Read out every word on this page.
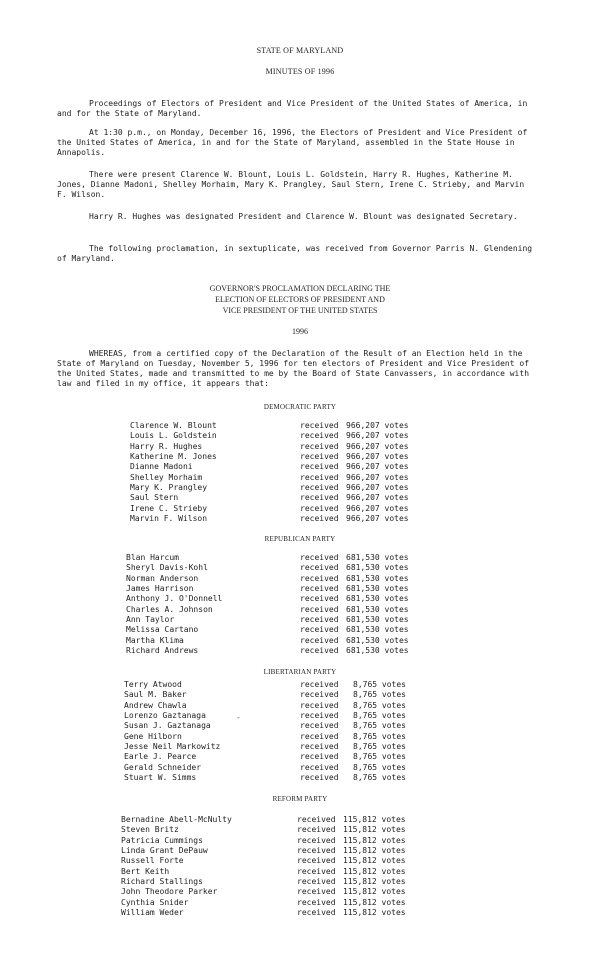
STATE OF MARYLAND
MINUTES OF 1996
Proceedings of Electors of President and Vice President of the United States of America, in and for the State of Maryland.
At 1:30 p.m., on Monday, December 16, 1996, the Electors of President and Vice President of the United States of America, in and for the State of Maryland, assembled in the State House in Annapolis.
There were present Clarence W. Blount, Louis L. Goldstein, Harry R. Hughes, Katherine M. Jones, Dianne Madoni, Shelley Morhaim, Mary K. Prangley, Saul Stern, Irene C. Strieby, and Marvin F. Wilson.
Harry R. Hughes was designated President and Clarence W. Blount was designated Secretary.
The following proclamation, in sextuplicate, was received from Governor Parris N. Glendening of Maryland.
GOVERNOR'S PROCLAMATION DECLARING THE
ELECTION OF ELECTORS OF PRESIDENT AND
VICE PRESIDENT OF THE UNITED STATES
1996
WHEREAS, from a certified copy of the Declaration of the Result of an Election held in the State of Maryland on Tuesday, November 5, 1996 for ten electors of President and Vice President of the United States, made and transmitted to me by the Board of State Canvassers, in accordance with law and filed in my office, it appears that:
DEMOCRATIC PARTY
Clarence W. Blount	received 966,207 votes
Louis L. Goldstein	received 966,207 votes
Harry R. Hughes	received 966,207 votes
Katherine M. Jones	received 966,207 votes
Dianne Madoni	received 966,207 votes
Shelley Morhaim	received 966,207 votes
Mary K. Prangley	received 966,207 votes
Saul Stern	received 966,207 votes
Irene C. Strieby	received 966,207 votes
Marvin F. Wilson	received 966,207 votes
REPUBLICAN PARTY
Blan Harcum	received 681,530 votes
Sheryl Davis-Kohl	received 681,530 votes
Norman Anderson	received 681,530 votes
James Harrison	received 681,530 votes
Anthony J. O'Donnell	received 681,530 votes
Charles A. Johnson	received 681,530 votes
Ann Taylor	received 681,530 votes
Melissa Cartano	received 681,530 votes
Martha Klima	received 681,530 votes
Richard Andrews	received 681,530 votes
LIBERTARIAN PARTY
Terry Atwood	received 8,765 votes
Saul M. Baker	received 8,765 votes
Andrew Chawla	received 8,765 votes
Lorenzo Gaztanaga	received 8,765 votes
Susan J. Gaztanaga	received 8,765 votes
Gene Hilborn	received 8,765 votes
Jesse Neil Markowitz	received 8,765 votes
Earle J. Pearce	received 8,765 votes
Gerald Schneider	received 8,765 votes
Stuart W. Simms	received 8,765 votes
REFORM PARTY
Bernadine Abell-McNulty	received 115,812 votes
Steven Britz	received 115,812 votes
Patricia Cummings	received 115,812 votes
Linda Grant DePauw	received 115,812 votes
Russell Forte	received 115,812 votes
Bert Keith	received 115,812 votes
Richard Stallings	received 115,812 votes
John Theodore Parker	received 115,812 votes
Cynthia Snider	received 115,812 votes
William Weder	received 115,812 votes
-
